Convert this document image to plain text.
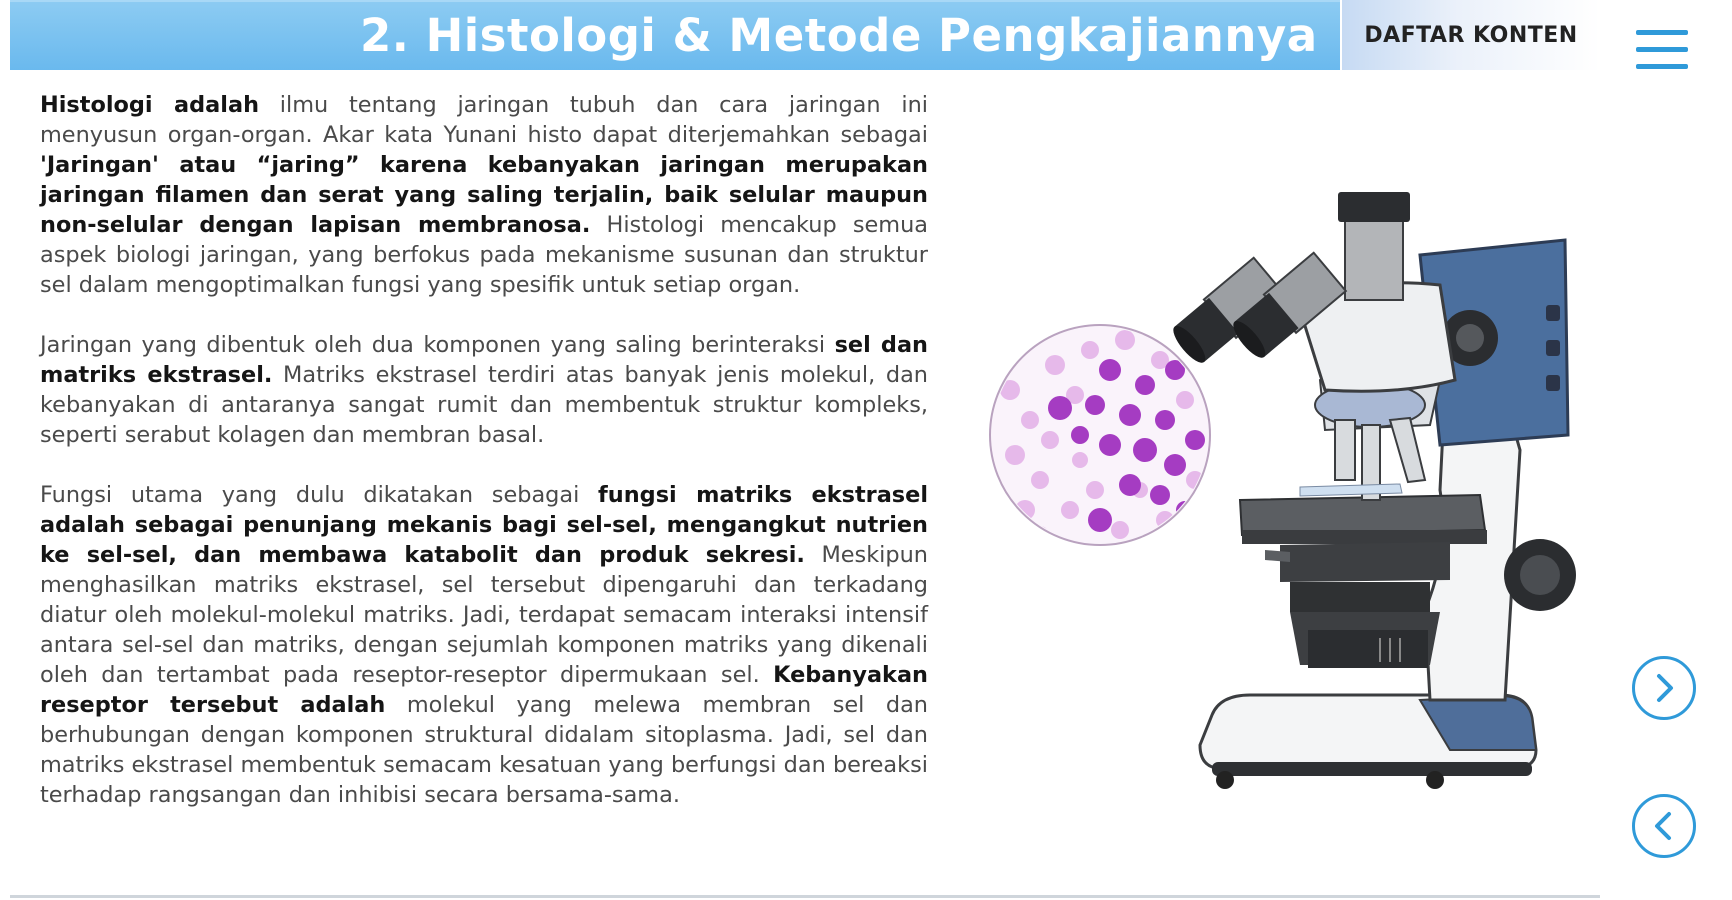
2. Histologi & Metode Pengkajiannya DAFTAR KONTEN

Histologi adalah ilmu tentang jaringan tubuh dan cara jaringan ini menyusun organ-organ. Akar kata Yunani histo dapat diterjemahkan sebagai 'Jaringan' atau “jaring” karena kebanyakan jaringan merupakan jaringan filamen dan serat yang saling terjalin, baik selular maupun non-selular dengan lapisan membranosa. Histologi mencakup semua aspek biologi jaringan, yang berfokus pada mekanisme susunan dan struktur sel dalam mengoptimalkan fungsi yang spesifik untuk setiap organ.

Jaringan yang dibentuk oleh dua komponen yang saling berinteraksi sel dan matriks ekstrasel. Matriks ekstrasel terdiri atas banyak jenis molekul, dan kebanyakan di antaranya sangat rumit dan membentuk struktur kompleks, seperti serabut kolagen dan membran basal.

Fungsi utama yang dulu dikatakan sebagai fungsi matriks ekstrasel adalah sebagai penunjang mekanis bagi sel-sel, mengangkut nutrien ke sel-sel, dan membawa katabolit dan produk sekresi. Meskipun menghasilkan matriks ekstrasel, sel tersebut dipengaruhi dan terkadang diatur oleh molekul-molekul matriks. Jadi, terdapat semacam interaksi intensif antara sel-sel dan matriks, dengan sejumlah komponen matriks yang dikenali oleh dan tertambat pada reseptor-reseptor dipermukaan sel. Kebanyakan reseptor tersebut adalah molekul yang melewa membran sel dan berhubungan dengan komponen struktural didalam sitoplasma. Jadi, sel dan matriks ekstrasel membentuk semacam kesatuan yang berfungsi dan bereaksi terhadap rangsangan dan inhibisi secara bersama-sama.
